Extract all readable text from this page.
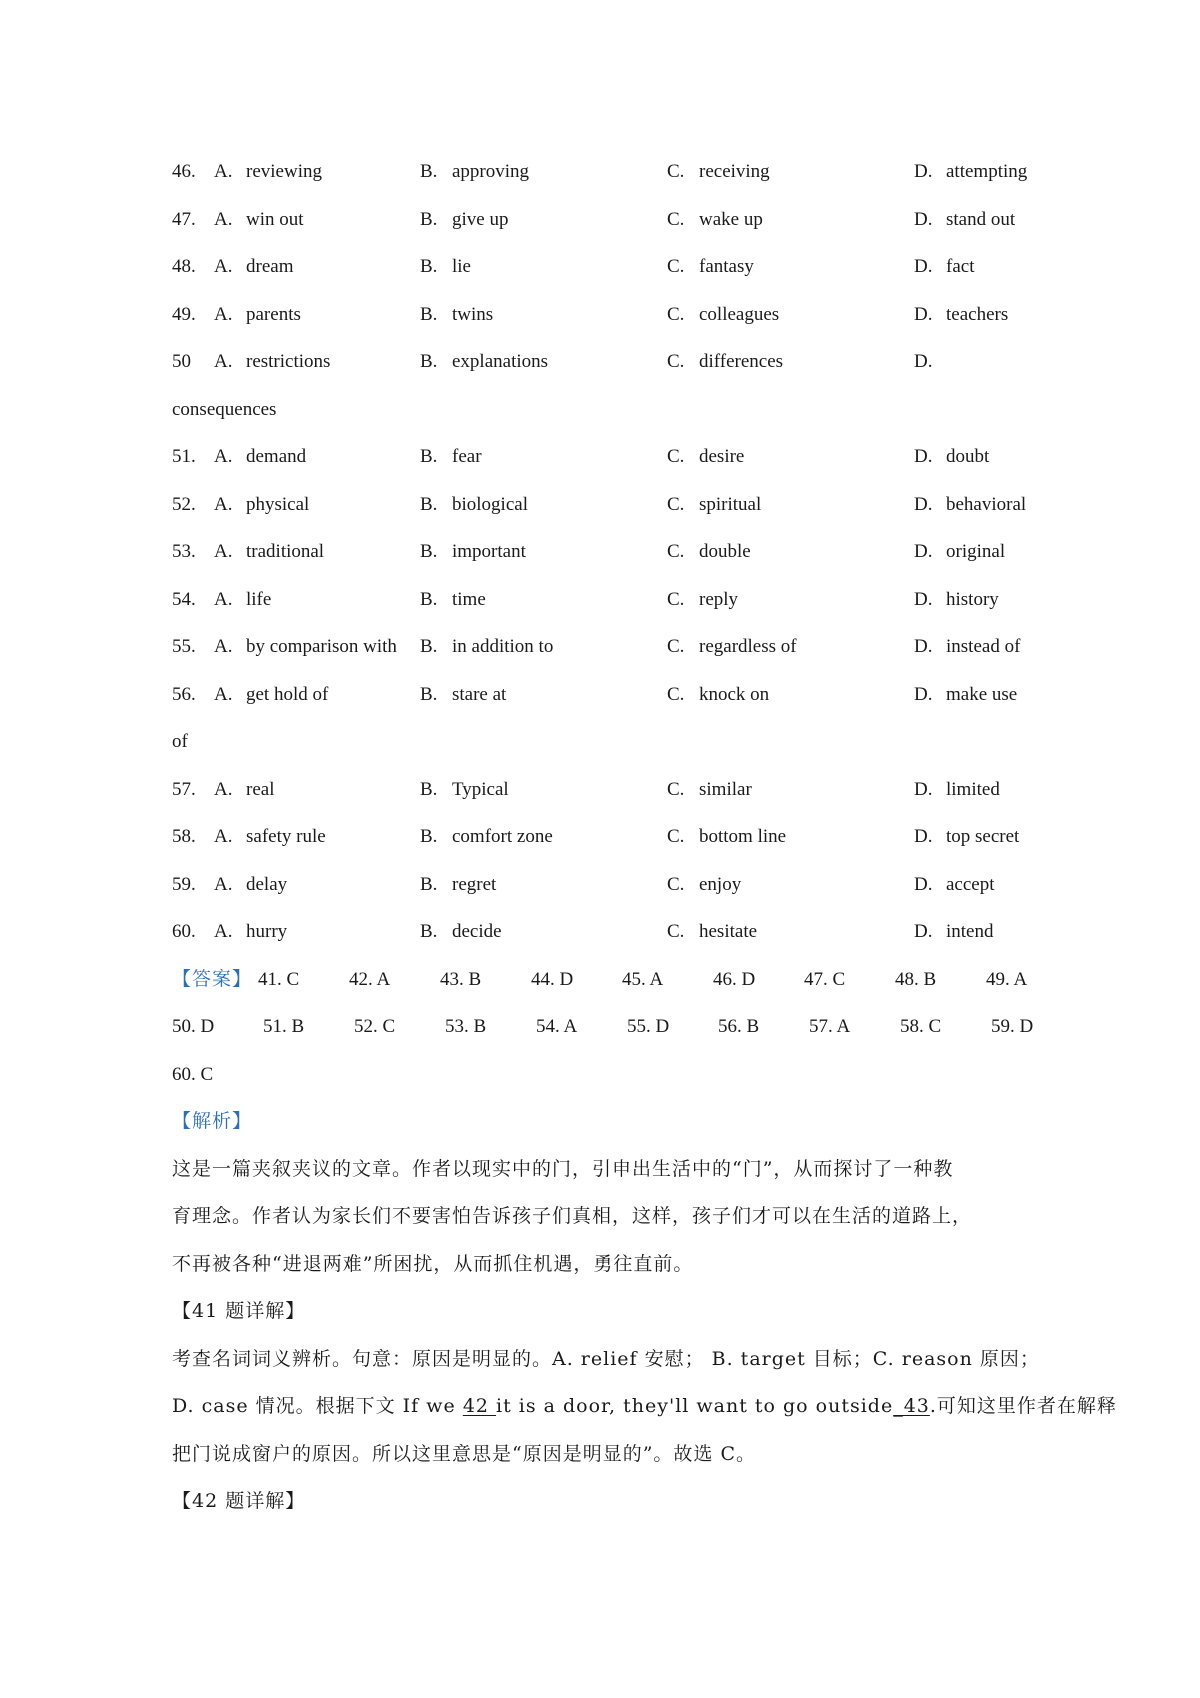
46. A. reviewing	B. approving	C. receiving	D. attempting
47. A. win out	B. give up	C. wake up	D. stand out
48. A. dream	B. lie	C. fantasy	D. fact
49. A. parents	B. twins	C. colleagues	D. teachers
50 A. restrictions	B. explanations	C. differences	D.
consequences
51. A. demand	B. fear	C. desire	D. doubt
52. A. physical	B. biological	C. spiritual	D. behavioral
53. A. traditional	B. important	C. double	D. original
54. A. life	B. time	C. reply	D. history
55. A. by comparison with B. in addition to	C. regardless of	D. instead of
56. A. get hold of	B. stare at	C. knock on	D. make use
of
57. A. real	B. Typical	C. similar	D. limited
58. A. safety rule	B. comfort zone	C. bottom line	D. top secret
59. A. delay	B. regret	C. enjoy	D. accept
60. A. hurry	B. decide	C. hesitate	D. intend
【答案】 41. C	42. A	43. B	44. D	45. A	46. D	47. C	48. B	49. A
50. D	51. B	52. C	53. B	54. A	55. D	56. B	57. A	58. C	59. D
60. C
【解析】
这是一篇夹叙夹议的文章。作者以现实中的门，引申出生活中的“门”，从而探讨了一种教
育理念。作者认为家长们不要害怕告诉孩子们真相，这样，孩子们才可以在生活的道路上，
不再被各种“进退两难”所困扰，从而抓住机遇，勇往直前。
【41 题详解】
考查名词词义辨析。句意：原因是明显的。A. relief 安慰； B. target 目标；C. reason 原因；
D. case 情况。根据下文 If we 42 it is a door, they'll want to go outside_43.可知这里作者在解释
把门说成窗户的原因。所以这里意思是“原因是明显的”。故选 C。
【42 题详解】
